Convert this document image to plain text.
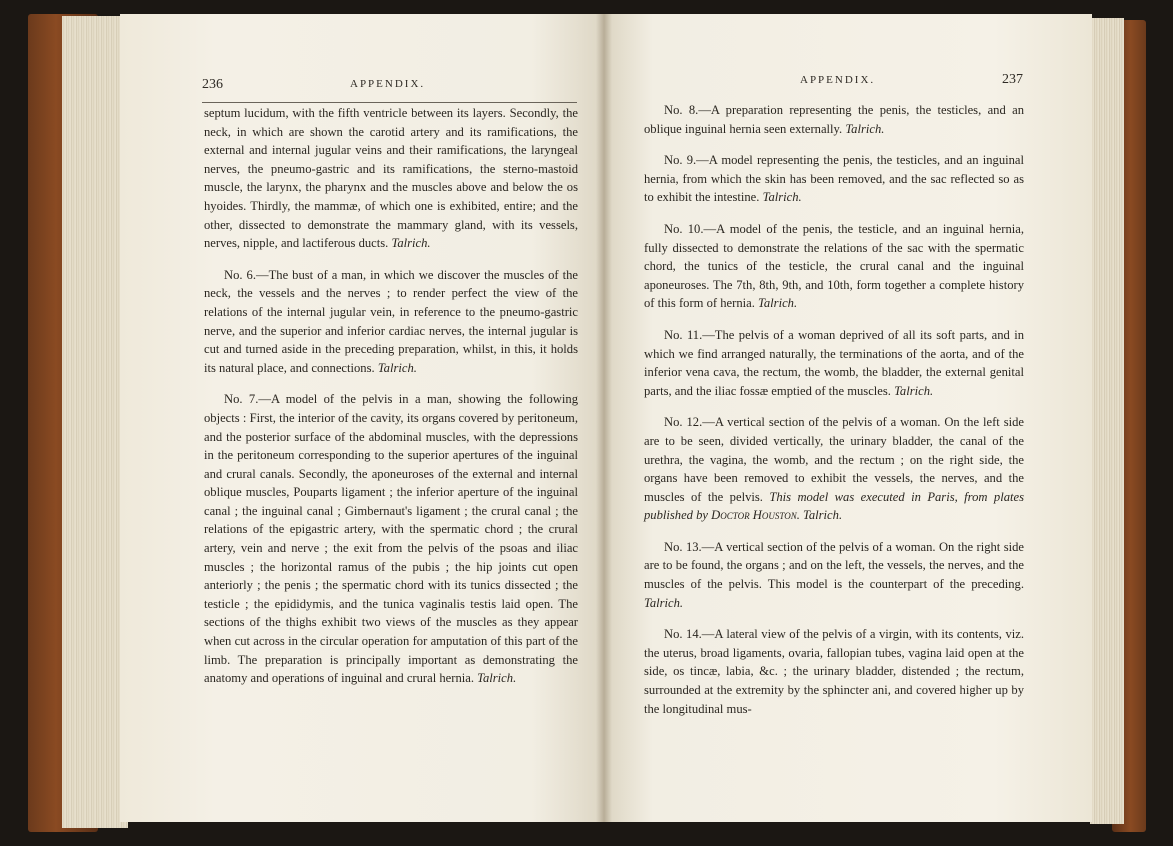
236	APPENDIX.

septum lucidum, with the fifth ventricle between its layers. Secondly, the neck, in which are shown the carotid artery and its ramifications, the external and internal jugular veins and their ramifications, the laryngeal nerves, the pneumo-gastric and its ramifications, the sterno-mastoid muscle, the larynx, the pharynx and the muscles above and below the os hyoides. Thirdly, the mammæ, of which one is exhibited, entire; and the other, dissected to demonstrate the mammary gland, with its vessels, nerves, nipple, and lactiferous ducts. Talrich.

No. 6.—The bust of a man, in which we discover the muscles of the neck, the vessels and the nerves ; to render perfect the view of the relations of the internal jugular vein, in reference to the pneumo-gastric nerve, and the superior and inferior cardiac nerves, the internal jugular is cut and turned aside in the preceding preparation, whilst, in this, it holds its natural place, and connections. Talrich.

No. 7.—A model of the pelvis in a man, showing the following objects : First, the interior of the cavity, its organs covered by peritoneum, and the posterior surface of the abdominal muscles, with the depressions in the peritoneum corresponding to the superior apertures of the inguinal and crural canals. Secondly, the aponeuroses of the external and internal oblique muscles, Pouparts ligament ; the inferior aperture of the inguinal canal ; the inguinal canal ; Gimbernaut's ligament ; the crural canal ; the relations of the epigastric artery, with the spermatic chord ; the crural artery, vein and nerve ; the exit from the pelvis of the psoas and iliac muscles ; the horizontal ramus of the pubis ; the hip joints cut open anteriorly ; the penis ; the spermatic chord with its tunics dissected ; the testicle ; the epididymis, and the tunica vaginalis testis laid open. The sections of the thighs exhibit two views of the muscles as they appear when cut across in the circular operation for amputation of this part of the limb. The preparation is principally important as demonstrating the anatomy and operations of inguinal and crural hernia. Talrich.

APPENDIX.	237

No. 8.—A preparation representing the penis, the testicles, and an oblique inguinal hernia seen externally. Talrich.

No. 9.—A model representing the penis, the testicles, and an inguinal hernia, from which the skin has been removed, and the sac reflected so as to exhibit the intestine. Talrich.

No. 10.—A model of the penis, the testicle, and an inguinal hernia, fully dissected to demonstrate the relations of the sac with the spermatic chord, the tunics of the testicle, the crural canal and the inguinal aponeuroses. The 7th, 8th, 9th, and 10th, form together a complete history of this form of hernia. Talrich.

No. 11.—The pelvis of a woman deprived of all its soft parts, and in which we find arranged naturally, the terminations of the aorta, and of the inferior vena cava, the rectum, the womb, the bladder, the external genital parts, and the iliac fossæ emptied of the muscles. Talrich.

No. 12.—A vertical section of the pelvis of a woman. On the left side are to be seen, divided vertically, the urinary bladder, the canal of the urethra, the vagina, the womb, and the rectum ; on the right side, the organs have been removed to exhibit the vessels, the nerves, and the muscles of the pelvis. This model was executed in Paris, from plates published by Doctor Houston. Talrich.

No. 13.—A vertical section of the pelvis of a woman. On the right side are to be found, the organs ; and on the left, the vessels, the nerves, and the muscles of the pelvis. This model is the counterpart of the preceding. Talrich.

No. 14.—A lateral view of the pelvis of a virgin, with its contents, viz. the uterus, broad ligaments, ovaria, fallopian tubes, vagina laid open at the side, os tincæ, labia, &c. ; the urinary bladder, distended ; the rectum, surrounded at the extremity by the sphincter ani, and covered higher up by the longitudinal mus-
